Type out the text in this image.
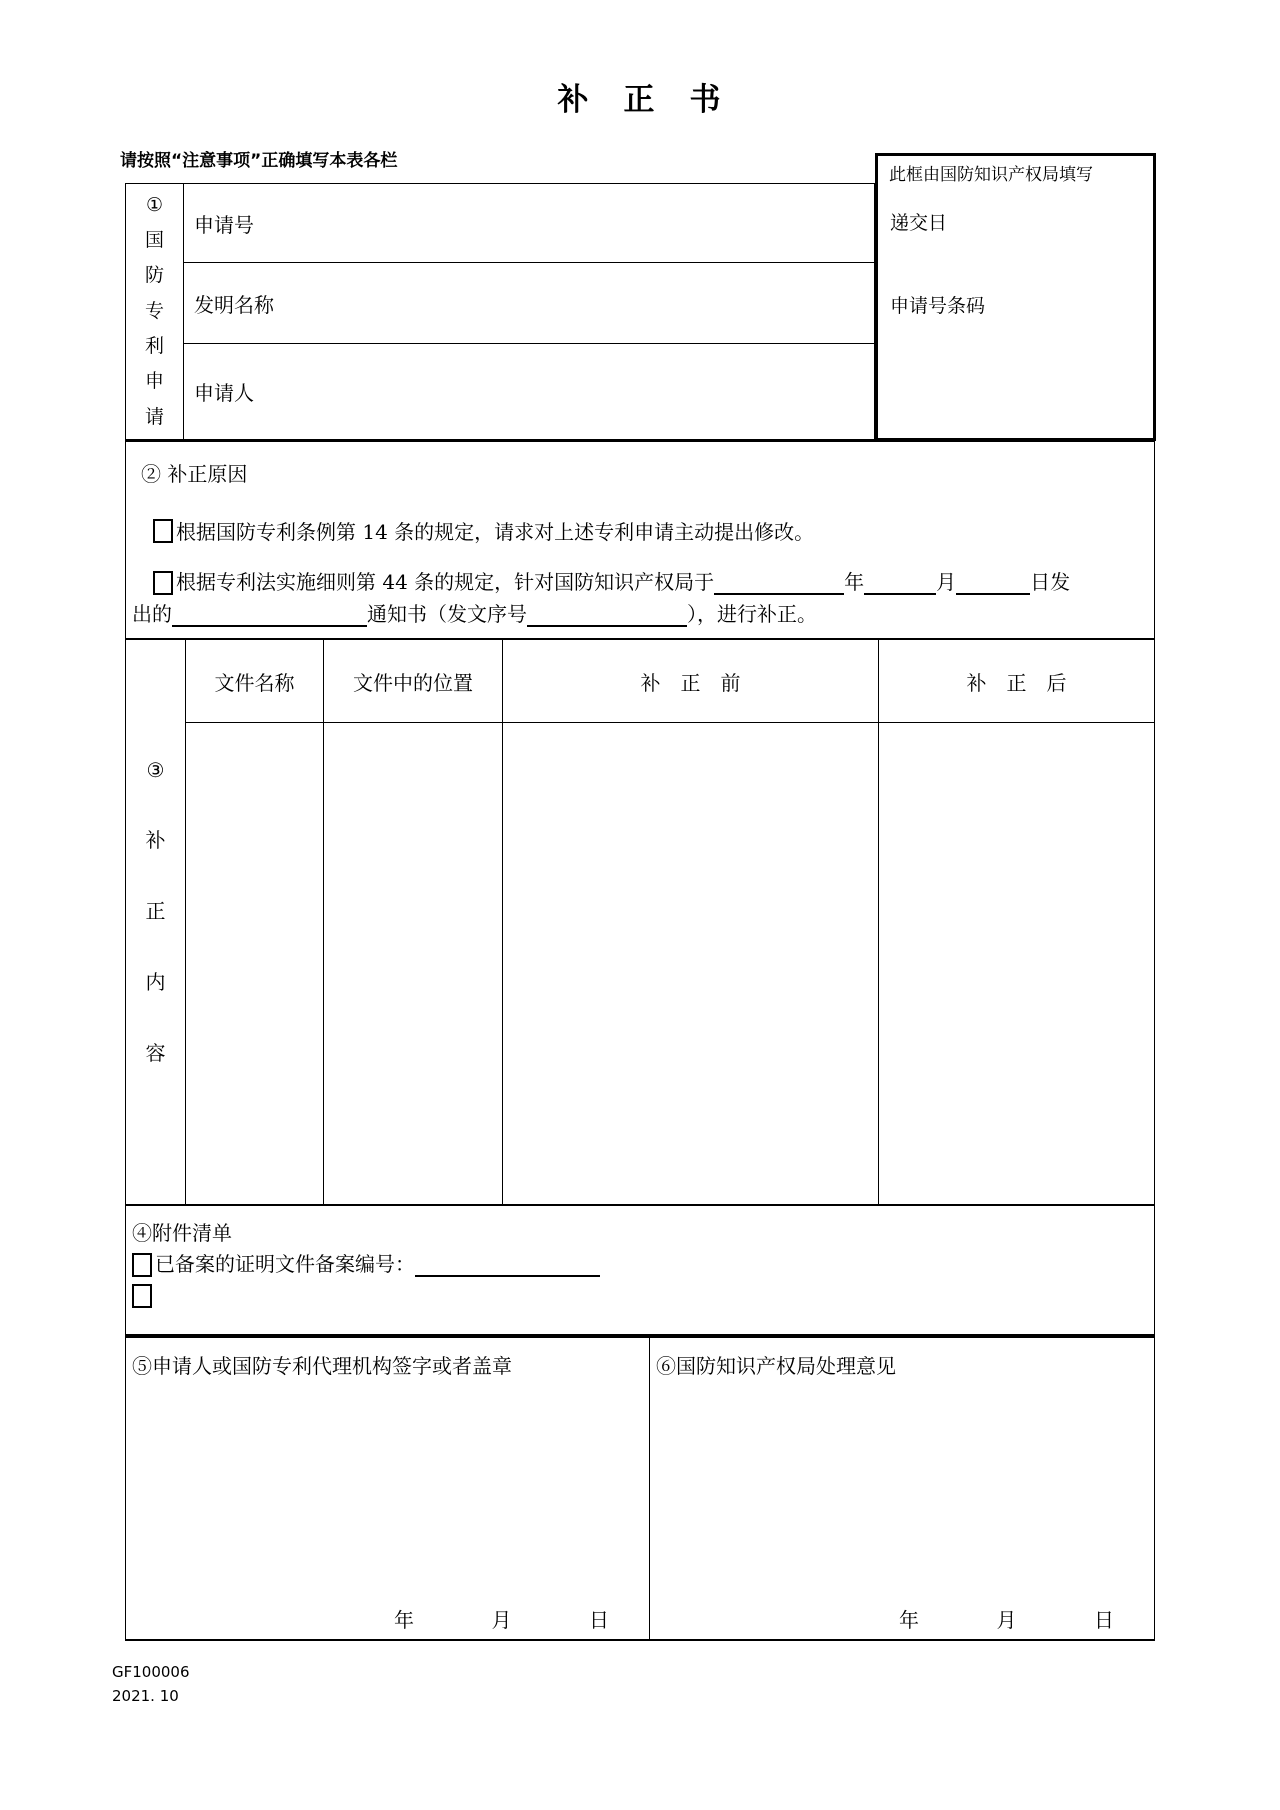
补　正　书
请按照“注意事项”正确填写本表各栏
此框由国防知识产权局填写
递交日
申请号条码
①
国
防
专
利
申
请
申请号
发明名称
申请人
② 补正原因
根据国防专利条例第 14 条的规定，请求对上述专利申请主动提出修改。
根据专利法实施细则第 44 条的规定，针对国防知识产权局于	年	月	日发
出的	通知书（发文序号	），进行补正。
③
补
正
内
容
文件名称	文件中的位置	补　正　前	补　正　后
④附件清单
已备案的证明文件备案编号：
⑤申请人或国防专利代理机构签字或者盖章
年	月	日
⑥国防知识产权局处理意见
年	月	日
GF100006
2021. 10
